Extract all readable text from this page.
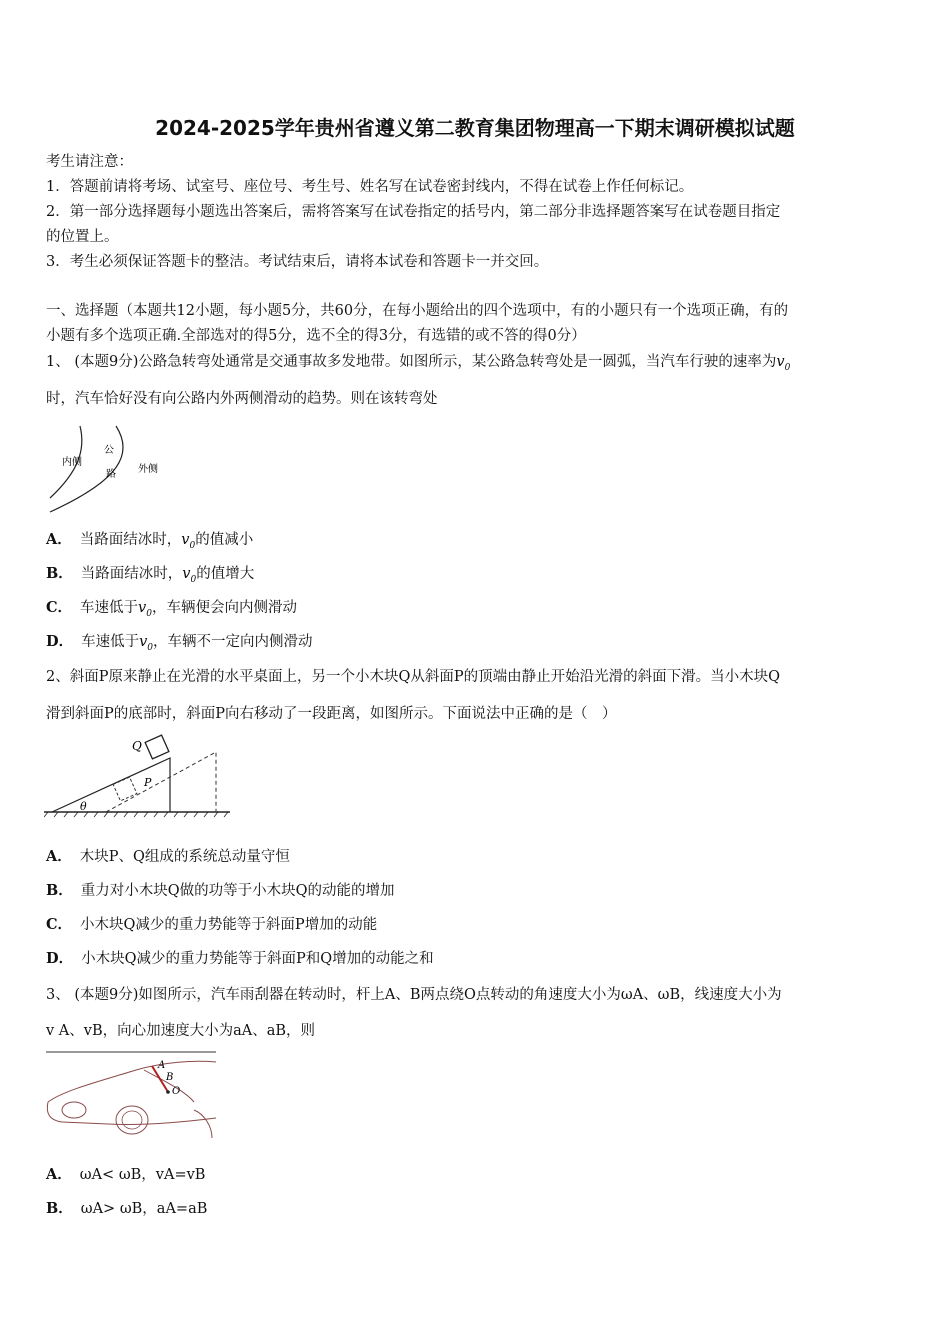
2024-2025学年贵州省遵义第二教育集团物理高一下期末调研模拟试题
考生请注意：
1．答题前请将考场、试室号、座位号、考生号、姓名写在试卷密封线内，不得在试卷上作任何标记。
2．第一部分选择题每小题选出答案后，需将答案写在试卷指定的括号内，第二部分非选择题答案写在试卷题目指定
的位置上。
3．考生必须保证答题卡的整洁。考试结束后，请将本试卷和答题卡一并交回。
一、选择题（本题共12小题，每小题5分，共60分，在每小题给出的四个选项中，有的小题只有一个选项正确，有的
小题有多个选项正确.全部选对的得5分，选不全的得3分，有选错的或不答的得0分）
1、 (本题9分)公路急转弯处通常是交通事故多发地带。如图所示，某公路急转弯处是一圆弧，当汽车行驶的速率为$v_0$
时，汽车恰好没有向公路内外两侧滑动的趋势。则在该转弯处
内侧
公
路 外侧
A． 当路面结冰时，$v_0$的值减小
B． 当路面结冰时，$v_0$的值增大
C． 车速低于$v_0$，车辆便会向内侧滑动
D． 车速低于$v_0$，车辆不一定向内侧滑动
2、斜面P原来静止在光滑的水平桌面上，另一个小木块Q从斜面P的顶端由静止开始沿光滑的斜面下滑。当小木块Q
滑到斜面P的底部时，斜面P向右移动了一段距离，如图所示。下面说法中正确的是（　）
Q
P
θ
A． 木块P、Q组成的系统总动量守恒
B． 重力对小木块Q做的功等于小木块Q的动能的增加
C． 小木块Q减少的重力势能等于斜面P增加的动能
D． 小木块Q减少的重力势能等于斜面P和Q增加的动能之和
3、 (本题9分)如图所示，汽车雨刮器在转动时，杆上A、B两点绕O点转动的角速度大小为ωA、ωB，线速度大小为
v A、vB，向心加速度大小为aA、aB，则
A
B
O
A． ωA< ωB，vA=vB
B． ωA> ωB，aA=aB
